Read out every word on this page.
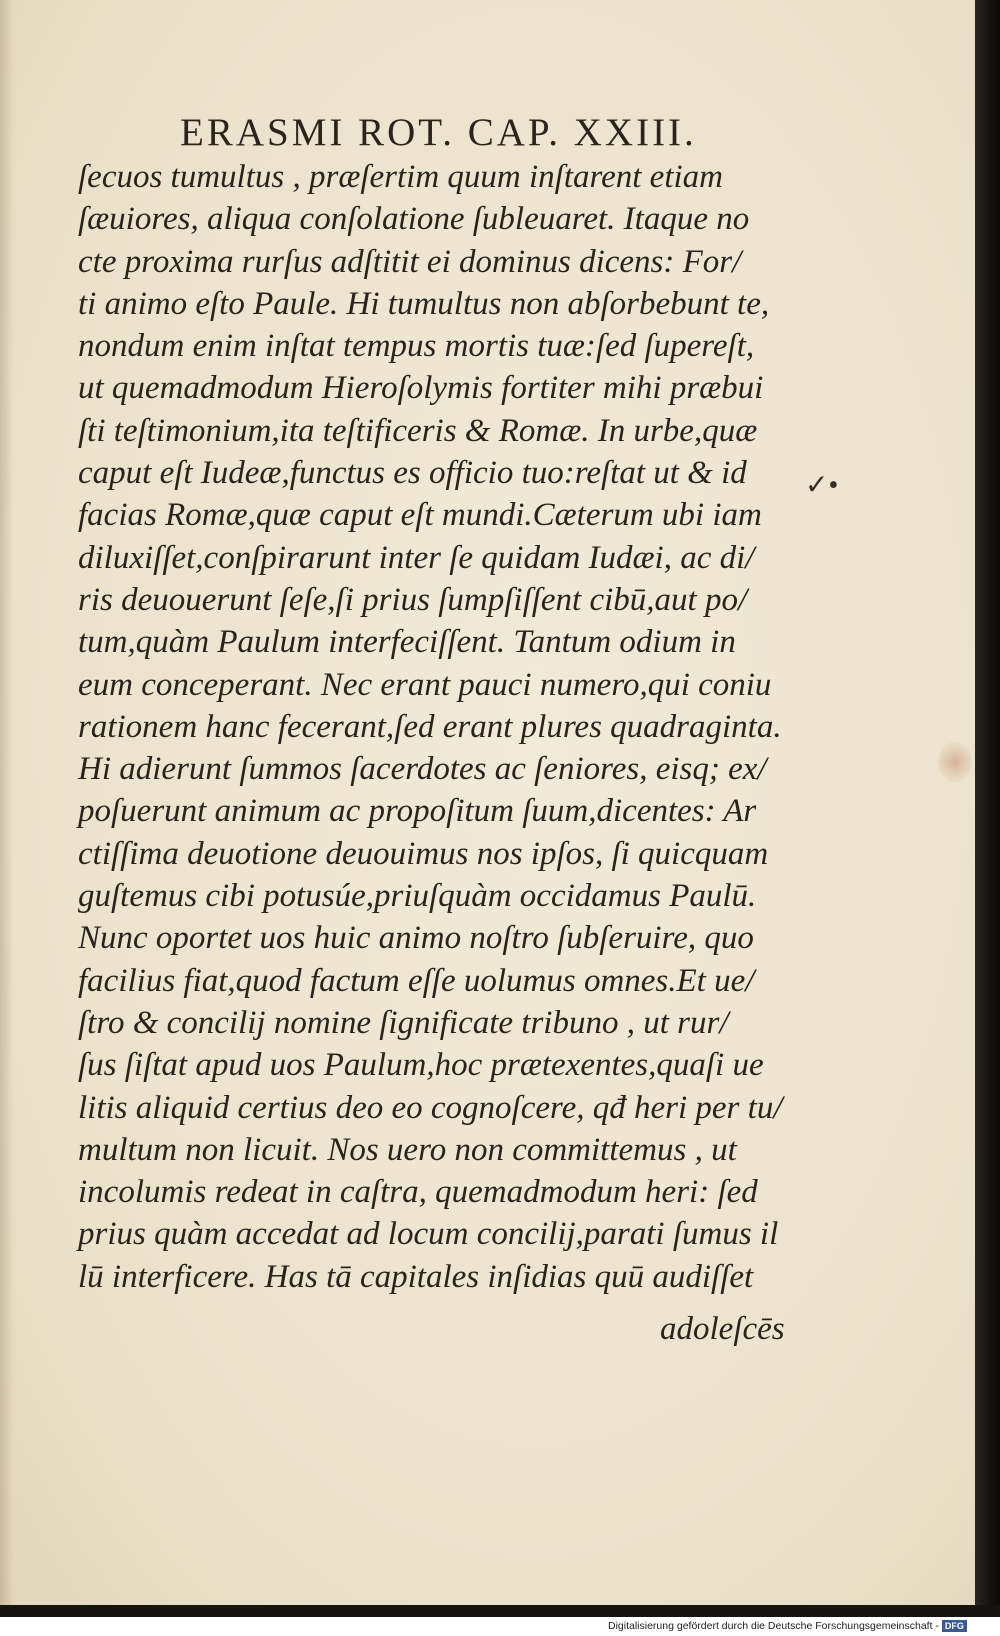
ERASMI ROT. CAP. XXIII.
ſecuos tumultus , præſertim quum inſtarent etiam
ſæuiores, aliqua conſolatione ſubleuaret. Itaque no
cte proxima rurſus adſtitit ei dominus dicens: For/
ti animo eſto Paule. Hi tumultus non abſorbebunt te,
nondum enim inſtat tempus mortis tuæ:ſed ſupereſt,
ut quemadmodum Hieroſolymis fortiter mihi præbui
ſti teſtimonium,ita teſtificeris & Romæ. In urbe,quæ
caput eſt Iudeæ,functus es officio tuo:reſtat ut & id
facias Romæ,quæ caput eſt mundi.Cæterum ubi iam
diluxiſſet,conſpirarunt inter ſe quidam Iudæi, ac di/
ris deuouerunt ſeſe,ſi prius ſumpſiſſent cibū,aut po/
tum,quàm Paulum interfeciſſent. Tantum odium in
eum conceperant. Nec erant pauci numero,qui coniu
rationem hanc fecerant,ſed erant plures quadraginta.
Hi adierunt ſummos ſacerdotes ac ſeniores, eisq; ex/
poſuerunt animum ac propoſitum ſuum,dicentes: Ar
ctiſſima deuotione deuouimus nos ipſos, ſi quicquam
guſtemus cibi potusúe,priuſquàm occidamus Paulū.
Nunc oportet uos huic animo noſtro ſubſeruire, quo
facilius fiat,quod factum eſſe uolumus omnes.Et ue/
ſtro & concilij nomine ſignificate tribuno , ut rur/
ſus ſiſtat apud uos Paulum,hoc prætexentes,quaſi ue
litis aliquid certius deo eo cognoſcere, qđ heri per tu/
multum non licuit. Nos uero non committemus , ut
incolumis redeat in caſtra, quemadmodum heri: ſed
prius quàm accedat ad locum concilij,parati ſumus il
lū interficere. Has tā capitales inſidias quū audiſſet
adoleſcēs
✓•
Digitalisierung gefördert durch die Deutsche Forschungsgemeinschaft - DFG
